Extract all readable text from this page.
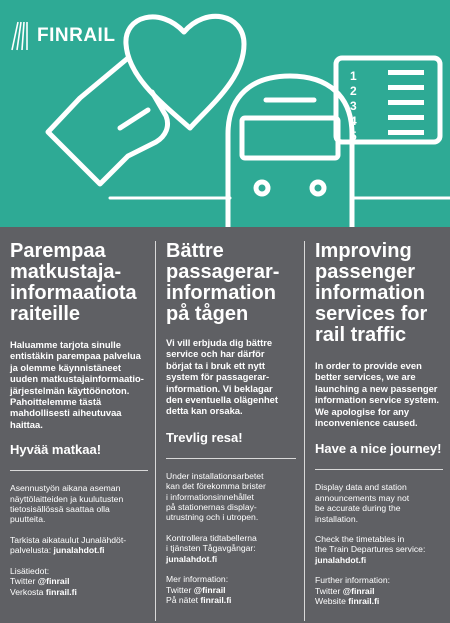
1
2
3
4
5
FINRAIL

Parempaa
matkustaja-
informaatiota
raiteille

Haluamme tarjota sinulle
entistäkin parempaa palvelua
ja olemme käynnistäneet
uuden matkustajainformaatio-
järjestelmän käyttöönoton.
Pahoittelemme tästä
mahdollisesti aiheutuvaa
haittaa.

Hyvää matkaa!

Asennustyön aikana aseman
näyttölaitteiden ja kuulutusten
tietosisällössä saattaa olla
puutteita.

Tarkista aikataulut Junalähdöt-
palvelusta: junalahdot.fi

Lisätiedot:
Twitter @finrail
Verkosta finrail.fi

Bättre
passagerar-
information
på tågen

Vi vill erbjuda dig bättre
service och har därför
börjat ta i bruk ett nytt
system för passagerar-
information. Vi beklagar
den eventuella olägenhet
detta kan orsaka.

Trevlig resa!

Under installationsarbetet
kan det förekomma brister
i informationsinnehållet
på stationernas display-
utrustning och i utropen.

Kontrollera tidtabellerna
i tjänsten Tågavgångar:
junalahdot.fi

Mer information:
Twitter @finrail
På nätet finrail.fi

Improving
passenger
information
services for
rail traffic

In order to provide even
better services, we are
launching a new passenger
information service system.
We apologise for any
inconvenience caused.

Have a nice journey!

Display data and station
announcements may not
be accurate during the
installation.

Check the timetables in
the Train Departures service:
junalahdot.fi

Further information:
Twitter @finrail
Website finrail.fi
